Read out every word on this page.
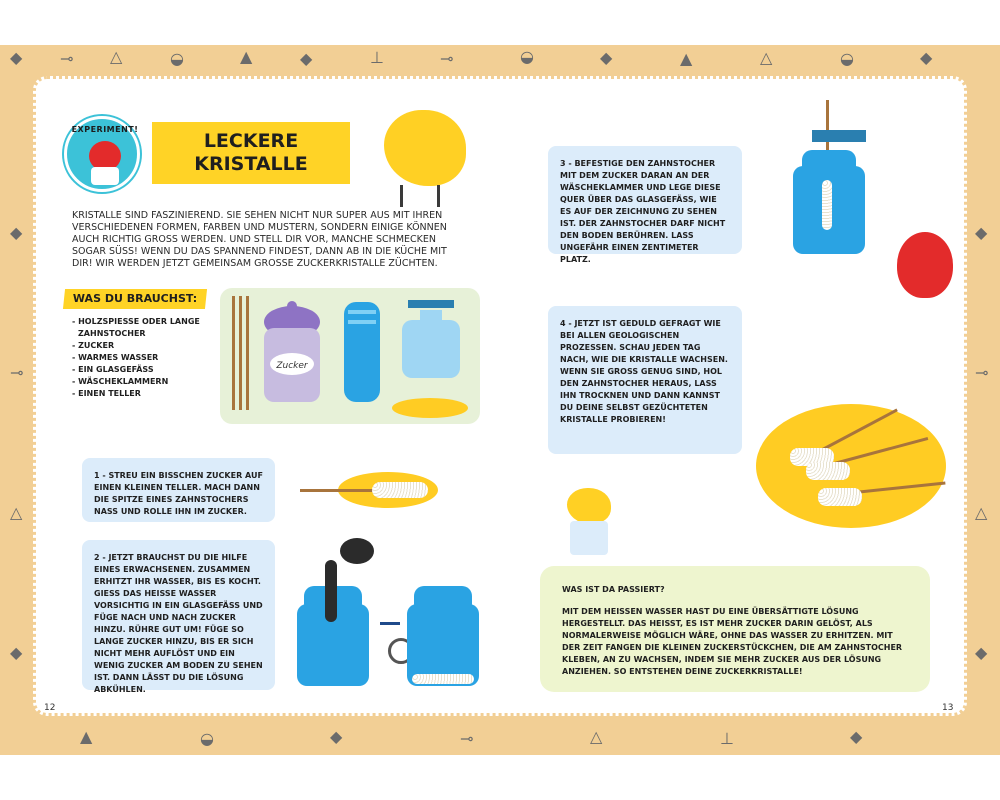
◆ ⊸ △	◒	▲	◆	⊥	⊸	◒	◆	▲	△	◒	◆
◆
⊸
△
◆
◆
⊸
△
◆
▲	◒	◆	⊸	△	⊥	◆
EXPERIMENT!
LECKERE
KRISTALLE

KRISTALLE SIND FASZINIEREND. SIE SEHEN NICHT NUR SUPER AUS MIT IHREN VERSCHIEDENEN FORMEN, FARBEN UND MUSTERN, SONDERN EINIGE KÖNNEN AUCH RICHTIG GROSS WERDEN. UND STELL DIR VOR, MANCHE SCHMECKEN SOGAR SÜSS! WENN DU DAS SPANNEND FINDEST, DANN AB IN DIE KÜCHE MIT DIR! WIR WERDEN JETZT GEMEINSAM GROSSE ZUCKERKRISTALLE ZÜCHTEN.

WAS DU BRAUCHST:
- HOLZSPIESSE ODER LANGE
ZAHNSTOCHER
- ZUCKER
- WARMES WASSER
- EIN GLASGEFÄSS
- WÄSCHEKLAMMERN
- EINEN TELLER
Zucker

1 - STREU EIN BISSCHEN ZUCKER AUF EINEN KLEINEN TELLER. MACH DANN DIE SPITZE EINES ZAHNSTOCHERS NASS UND ROLLE IHN IM ZUCKER.

2 - JETZT BRAUCHST DU DIE HILFE EINES ERWACHSENEN. ZUSAMMEN ERHITZT IHR WASSER, BIS ES KOCHT. GIESS DAS HEISSE WASSER VORSICHTIG IN EIN GLASGEFÄSS UND FÜGE NACH UND NACH ZUCKER HINZU. RÜHRE GUT UM! FÜGE SO LANGE ZUCKER HINZU, BIS ER SICH NICHT MEHR AUFLÖST UND EIN WENIG ZUCKER AM BODEN ZU SEHEN IST. DANN LÄSST DU DIE LÖSUNG ABKÜHLEN.

3 - BEFESTIGE DEN ZAHNSTOCHER MIT DEM ZUCKER DARAN AN DER WÄSCHEKLAMMER UND LEGE DIESE QUER ÜBER DAS GLASGEFÄSS, WIE ES AUF DER ZEICHNUNG ZU SEHEN IST. DER ZAHNSTOCHER DARF NICHT DEN BODEN BERÜHREN. LASS UNGEFÄHR EINEN ZENTIMETER PLATZ.

4 - JETZT IST GEDULD GEFRAGT WIE BEI ALLEN GEOLOGISCHEN PROZESSEN. SCHAU JEDEN TAG NACH, WIE DIE KRISTALLE WACHSEN. WENN SIE GROSS GENUG SIND, HOL DEN ZAHNSTOCHER HERAUS, LASS IHN TROCKNEN UND DANN KANNST DU DEINE SELBST GEZÜCHTETEN KRISTALLE PROBIEREN!

WAS IST DA PASSIERT?

MIT DEM HEISSEN WASSER HAST DU EINE ÜBERSÄTTIGTE LÖSUNG HERGESTELLT. DAS HEISST, ES IST MEHR ZUCKER DARIN GELÖST, ALS NORMALERWEISE MÖGLICH WÄRE, OHNE DAS WASSER ZU ERHITZEN. MIT DER ZEIT FANGEN DIE KLEINEN ZUCKERSTÜCKCHEN, DIE AM ZAHNSTOCHER KLEBEN, AN ZU WACHSEN, INDEM SIE MEHR ZUCKER AUS DER LÖSUNG ANZIEHEN. SO ENTSTEHEN DEINE ZUCKERKRISTALLE!

12	13
